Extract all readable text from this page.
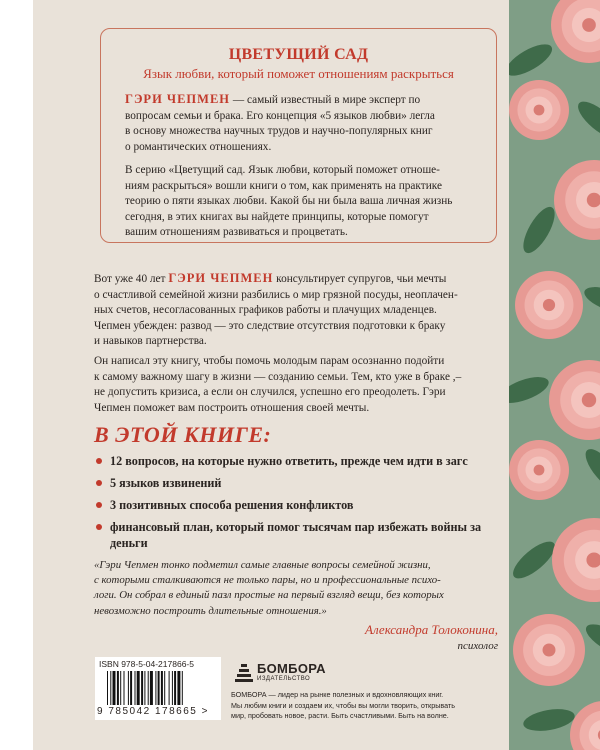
ЦВЕТУЩИЙ САД
Язык любви, который поможет отношениям раскрыться

ГЭРИ ЧЕПМЕН — самый известный в мире эксперт по
вопросам семьи и брака. Его концепция «5 языков любви» легла
в основу множества научных трудов и научно-популярных книг
о романтических отношениях.

В серию «Цветущий сад. Язык любви, который поможет отноше-
ниям раскрыться» вошли книги о том, как применять на практике
теорию о пяти языках любви. Какой бы ни была ваша личная жизнь
сегодня, в этих книгах вы найдете принципы, которые помогут
вашим отношениям развиваться и процветать.

Вот уже 40 лет ГЭРИ ЧЕПМЕН консультирует супругов, чьи мечты
о счастливой семейной жизни разбились о мир грязной посуды, неоплачен-
ных счетов, несогласованных графиков работы и плачущих младенцев.
Чепмен убежден: развод — это следствие отсутствия подготовки к браку
и навыков партнерства.

Он написал эту книгу, чтобы помочь молодым парам осознанно подойти
к самому важному шагу в жизни — созданию семьи. Тем, кто уже в браке ,–
не допустить кризиса, а если он случился, успешно его преодолеть. Гэри
Чепмен поможет вам построить отношения своей мечты.

В ЭТОЙ КНИГЕ:
12 вопросов, на которые нужно ответить, прежде чем идти в загс
5 языков извинений
3 позитивных способа решения конфликтов
финансовый план, который помог тысячам пар избежать войны за деньги

«Гэри Чепмен тонко подметил самые главные вопросы семейной жизни,
с которыми сталкиваются не только пары, но и профессиональные психо-
логи. Он собрал в единый пазл простые на первый взгляд вещи, без которых
невозможно построить длительные отношения.»

Александра Толоконина,
психолог
ISBN 978-5-04-217866-5
9 785042 178665 >
БОМБОРА
ИЗДАТЕЛЬСТВО

БОМБОРА — лидер на рынке полезных и вдохновляющих книг.
Мы любим книги и создаем их, чтобы вы могли творить, открывать
мир, пробовать новое, расти. Быть счастливыми. Быть на волне.
